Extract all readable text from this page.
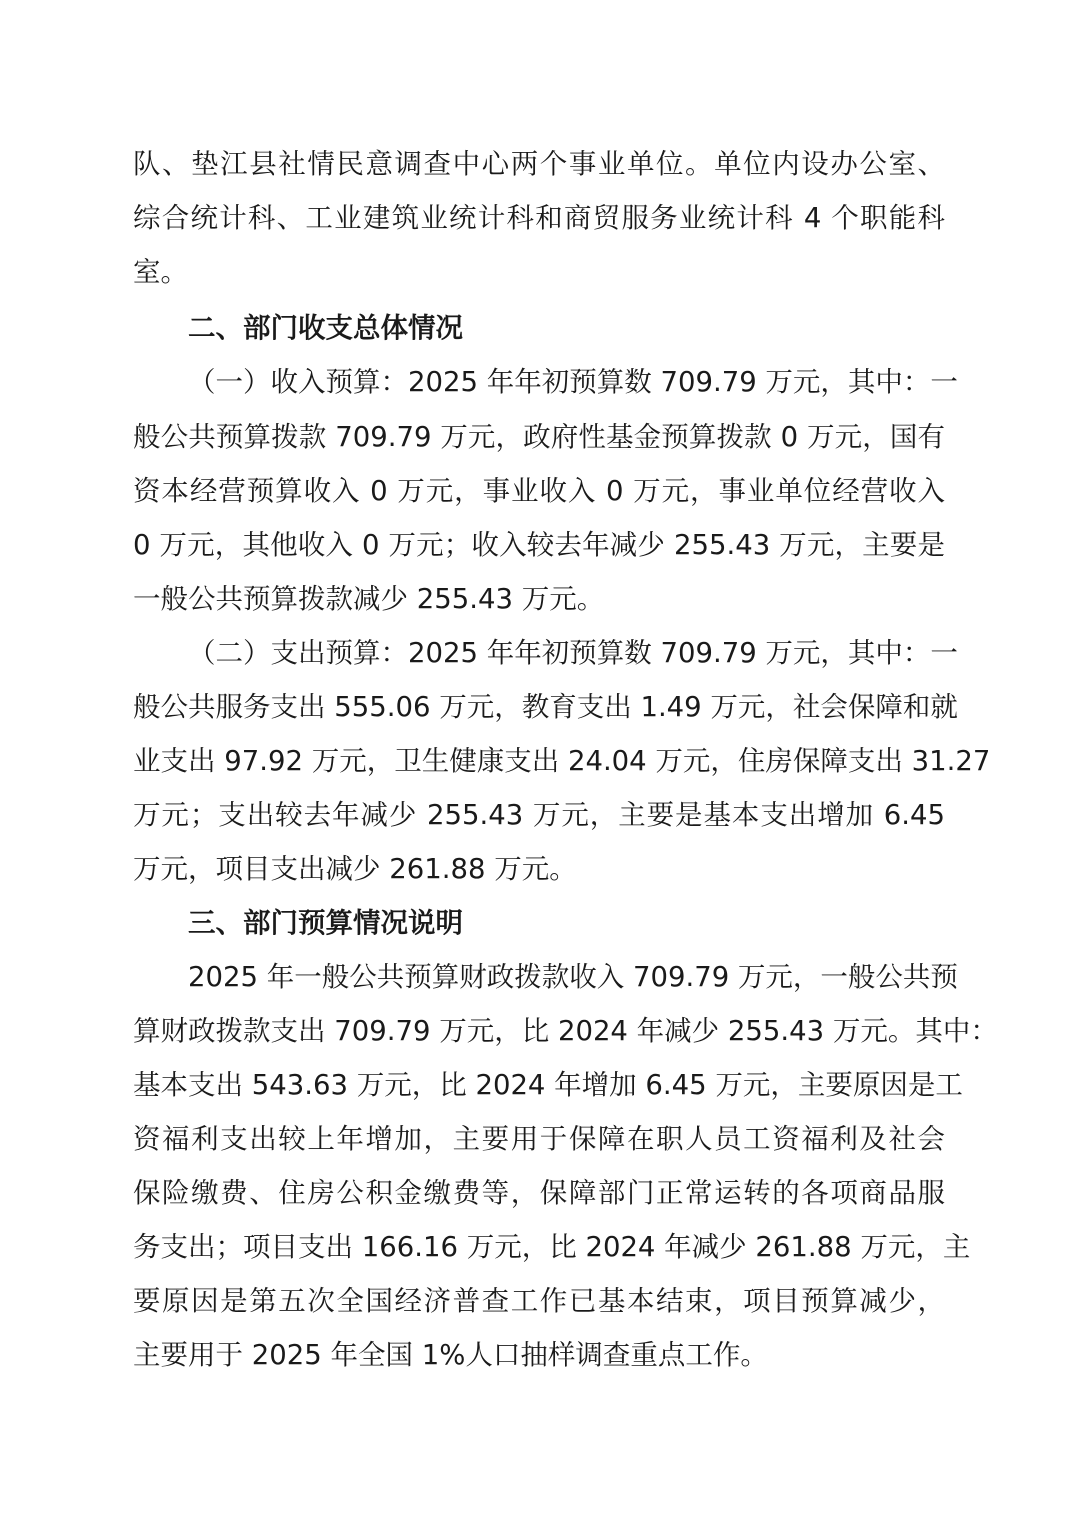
队、垫江县社情民意调查中心两个事业单位。单位内设办公室、
综合统计科、工业建筑业统计科和商贸服务业统计科 4 个职能科
室。
二、部门收支总体情况
（一）收入预算：2025 年年初预算数 709.79 万元，其中：一
般公共预算拨款 709.79 万元，政府性基金预算拨款 0 万元，国有
资本经营预算收入 0 万元，事业收入 0 万元，事业单位经营收入
0 万元，其他收入 0 万元；收入较去年减少 255.43 万元，主要是
一般公共预算拨款减少 255.43 万元。
（二）支出预算：2025 年年初预算数 709.79 万元，其中：一
般公共服务支出 555.06 万元，教育支出 1.49 万元，社会保障和就
业支出 97.92 万元，卫生健康支出 24.04 万元，住房保障支出 31.27
万元；支出较去年减少 255.43 万元，主要是基本支出增加 6.45
万元，项目支出减少 261.88 万元。
三、部门预算情况说明
2025 年一般公共预算财政拨款收入 709.79 万元，一般公共预
算财政拨款支出 709.79 万元，比 2024 年减少 255.43 万元。其中：
基本支出 543.63 万元，比 2024 年增加 6.45 万元，主要原因是工
资福利支出较上年增加，主要用于保障在职人员工资福利及社会
保险缴费、住房公积金缴费等，保障部门正常运转的各项商品服
务支出；项目支出 166.16 万元，比 2024 年减少 261.88 万元，主
要原因是第五次全国经济普查工作已基本结束，项目预算减少，
主要用于 2025 年全国 1%人口抽样调查重点工作。
